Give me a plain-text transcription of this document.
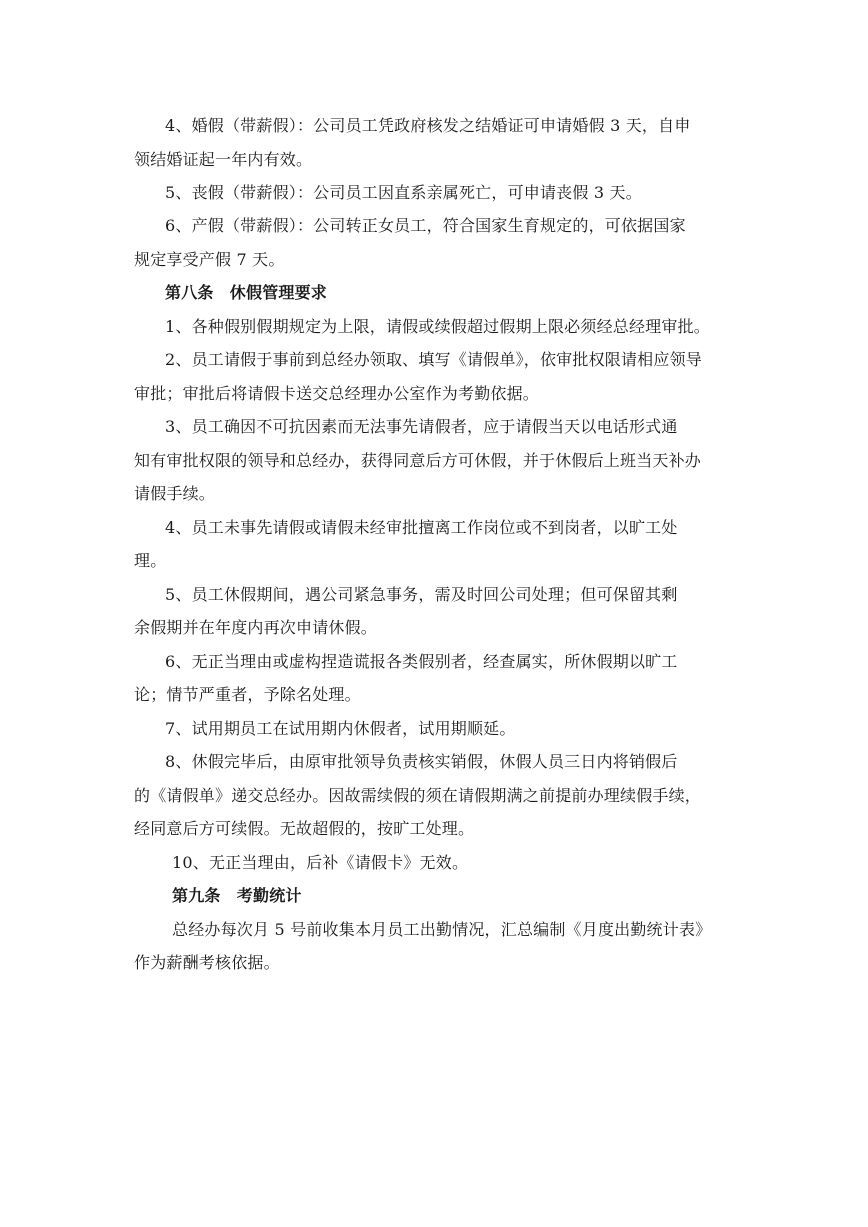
4、婚假（带薪假）：公司员工凭政府核发之结婚证可申请婚假 3 天，自申
领结婚证起一年内有效。
5、丧假（带薪假）：公司员工因直系亲属死亡，可申请丧假 3 天。
6、产假（带薪假）：公司转正女员工，符合国家生育规定的，可依据国家
规定享受产假 7 天。
第八条　休假管理要求
1、各种假别假期规定为上限，请假或续假超过假期上限必须经总经理审批。
2、员工请假于事前到总经办领取、填写《请假单》，依审批权限请相应领导
审批；审批后将请假卡送交总经理办公室作为考勤依据。
3、员工确因不可抗因素而无法事先请假者，应于请假当天以电话形式通
知有审批权限的领导和总经办，获得同意后方可休假，并于休假后上班当天补办
请假手续。
4、员工未事先请假或请假未经审批擅离工作岗位或不到岗者，以旷工处
理。
5、员工休假期间，遇公司紧急事务，需及时回公司处理；但可保留其剩
余假期并在年度内再次申请休假。
6、无正当理由或虚构捏造谎报各类假别者，经查属实，所休假期以旷工
论；情节严重者，予除名处理。
7、试用期员工在试用期内休假者，试用期顺延。
8、休假完毕后，由原审批领导负责核实销假，休假人员三日内将销假后
的《请假单》递交总经办。因故需续假的须在请假期满之前提前办理续假手续，
经同意后方可续假。无故超假的，按旷工处理。
10、无正当理由，后补《请假卡》无效。
第九条　考勤统计
总经办每次月 5 号前收集本月员工出勤情况，汇总编制《月度出勤统计表》
作为薪酬考核依据。
